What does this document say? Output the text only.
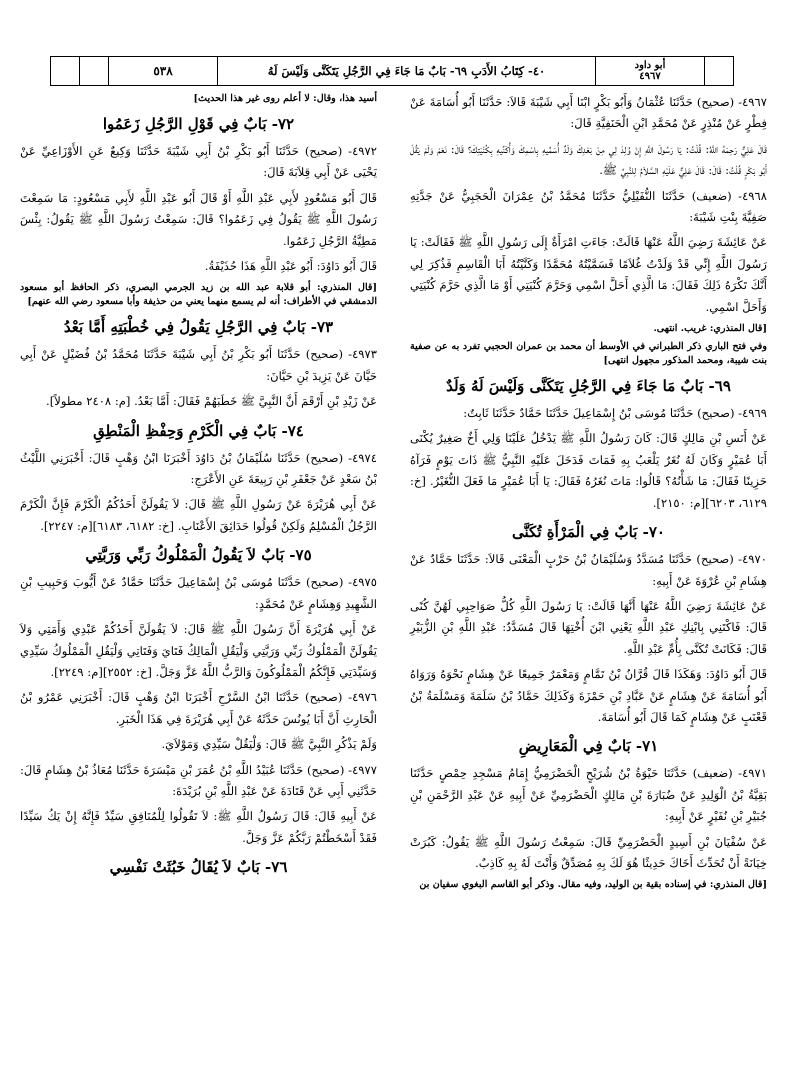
٥٣٨	٤٠- كِتَابُ الأَدَبِ ٦٩- بَابٌ مَا جَاءَ فِي الرَّجُلِ يَتَكَنَّى وَلَيْسَ لَهُ	أبو داود
٤٩٦٧

٤٩٦٧- (صحيح) حَدَّثَنَا عُثْمَانُ وَأَبُو بَكْرٍ ابْنَا أَبِي شَيْبَةَ قَالاَ: حَدَّثَنَا أَبُو أُسَامَةَ عَنْ فِطْرٍ عَنْ مُنْذِرٍ عَنْ مُحَمَّدِ ابْنِ الْحَنَفِيَّةِ قَالَ:

قَالَ عَلِيٌّ رَحِمَهُ اللَّهُ: قُلْتُ: يَا رَسُولَ اللَّهِ إِنْ وُلِدَ لِي مِنْ بَعْدِكَ وَلَدٌ أُسَمِّيهِ بِاسْمِكَ وَأُكَنِّيهِ بِكُنْيَتِكَ؟ قَالَ: نَعَمْ وَلَمْ يَقُلْ أَبُو بَكْرٍ قُلْتُ: قَالَ: قَالَ عَلِيٌّ عَلَيْهِ السَّلاَمُ لِلنَّبِيِّ ﷺ.

٤٩٦٨- (ضعيف) حَدَّثَنَا النُّفَيْلِيُّ حَدَّثَنَا مُحَمَّدُ بْنُ عِمْرَانَ الْحَجَبِيُّ عَنْ جَدَّتِهِ صَفِيَّةَ بِنْتِ شَيْبَةَ:

عَنْ عَائِشَةَ رَضِيَ اللَّهُ عَنْهَا قَالَتْ: جَاءَتِ امْرَأَةٌ إِلَى رَسُولِ اللَّهِ ﷺ فَقَالَتْ: يَا رَسُولَ اللَّهِ إِنِّي قَدْ وَلَدْتُ غُلاَمًا فَسَمَّيْتُهُ مُحَمَّدًا وَكَنَّيْتُهُ أَبَا الْقَاسِمِ فَذُكِرَ لِي أَنَّكَ تَكْرَهُ ذَلِكَ فَقَالَ: مَا الَّذِي أَحَلَّ اسْمِي وَحَرَّمَ كُنْيَتِي أَوْ مَا الَّذِي حَرَّمَ كُنْيَتِي وَأَحَلَّ اسْمِي.

[قال المنذري: غريب. انتهى.

وفي فتح الباري ذكر الطبراني في الأوسط أن محمد بن عمران الحجبي تفرد به عن صفية بنت شيبة، ومحمد المذكور مجهول انتهى]

٦٩- بَابٌ مَا جَاءَ فِي الرَّجُلِ يَتَكَنَّى وَلَيْسَ لَهُ وَلَدٌ

٤٩٦٩- (صحيح) حَدَّثَنَا مُوسَى بْنُ إِسْمَاعِيلَ حَدَّثَنَا حَمَّادٌ حَدَّثَنَا ثَابِتٌ:

عَنْ أَنَسِ بْنِ مَالِكٍ قَالَ: كَانَ رَسُولُ اللَّهِ ﷺ يَدْخُلُ عَلَيْنَا وَلِي أَخٌ صَغِيرٌ يُكْنَى أَبَا عُمَيْرٍ وَكَانَ لَهُ نُغَرٌ يَلْعَبُ بِهِ فَمَاتَ فَدَخَلَ عَلَيْهِ النَّبِيُّ ﷺ ذَاتَ يَوْمٍ فَرَآهُ حَزِينًا فَقَالَ: مَا شَأْنُهُ؟ قَالُوا: مَاتَ نُغَرُهُ فَقَالَ: يَا أَبَا عُمَيْرٍ مَا فَعَلَ النُّغَيْرُ. [خ: ٦١٢٩، ٦٢٠٣][م: ٢١٥٠].

٧٠- بَابٌ فِي الْمَرْأَةِ تُكَنَّى

٤٩٧٠- (صحيح) حَدَّثَنَا مُسَدَّدٌ وَسُلَيْمَانُ بْنُ حَرْبٍ الْمَعْنَى قَالاَ: حَدَّثَنَا حَمَّادٌ عَنْ هِشَامِ بْنِ عُرْوَةَ عَنْ أَبِيهِ:

عَنْ عَائِشَةَ رَضِيَ اللَّهُ عَنْهَا أَنَّهَا قَالَتْ: يَا رَسُولَ اللَّهِ كُلُّ صَوَاحِبِي لَهُنَّ كُنًى قَالَ: فَاكْتَنِي بِابْنِكِ عَبْدِ اللَّهِ يَعْنِي ابْنَ أُخْتِهَا قَالَ مُسَدَّدٌ: عَبْدِ اللَّهِ بْنِ الزُّبَيْرِ قَالَ: فَكَانَتْ تُكَنَّى بِأُمِّ عَبْدِ اللَّهِ.

قَالَ أَبُو دَاوُدَ: وَهَكَذَا قَالَ قُرَّانُ بْنُ تَمَّامٍ وَمَعْمَرٌ جَمِيعًا عَنْ هِشَامٍ نَحْوَهُ وَرَوَاهُ أَبُو أُسَامَةَ عَنْ هِشَامٍ عَنْ عَبَّادِ بْنِ حَمْزَةَ وَكَذَلِكَ حَمَّادُ بْنُ سَلَمَةَ وَمَسْلَمَةُ بْنُ قَعْنَبٍ عَنْ هِشَامٍ كَمَا قَالَ أَبُو أُسَامَةَ.

٧١- بَابٌ فِي الْمَعَارِيضِ

٤٩٧١- (ضعيف) حَدَّثَنَا حَيْوَةُ بْنُ شُرَيْحٍ الْحَضْرَمِيُّ إِمَامُ مَسْجِدِ حِمْصٍ حَدَّثَنَا بَقِيَّةُ بْنُ الْوَلِيدِ عَنْ ضُبَارَةَ بْنِ مَالِكٍ الْحَضْرَمِيِّ عَنْ أَبِيهِ عَنْ عَبْدِ الرَّحْمَنِ بْنِ جُبَيْرِ بْنِ نُفَيْرٍ عَنْ أَبِيهِ:

عَنْ سُفْيَانَ بْنِ أَسِيدٍ الْحَضْرَمِيِّ قَالَ: سَمِعْتُ رَسُولَ اللَّهِ ﷺ يَقُولُ: كَبُرَتْ خِيَانَةً أَنْ تُحَدِّثَ أَخَاكَ حَدِيثًا هُوَ لَكَ بِهِ مُصَدِّقٌ وَأَنْتَ لَهُ بِهِ كَاذِبٌ.

[قال المنذري: في إسناده بقية بن الوليد، وفيه مقال. وذكر أبو القاسم البغوي سفيان بن

أسيد هذا، وقال: لا أعلم روى غير هذا الحديث]

٧٢- بَابٌ فِي قَوْلِ الرَّجُلِ زَعَمُوا

٤٩٧٢- (صحيح) حَدَّثَنَا أَبُو بَكْرِ بْنُ أَبِي شَيْبَةَ حَدَّثَنَا وَكِيعٌ عَنِ الأَوْزَاعِيِّ عَنْ يَحْيَى عَنْ أَبِي قِلاَبَةَ قَالَ:

قَالَ أَبُو مَسْعُودٍ لأَبِي عَبْدِ اللَّهِ أَوْ قَالَ أَبُو عَبْدِ اللَّهِ لأَبِي مَسْعُودٍ: مَا سَمِعْتَ رَسُولَ اللَّهِ ﷺ يَقُولُ فِي زَعَمُوا؟ قَالَ: سَمِعْتُ رَسُولَ اللَّهِ ﷺ يَقُولُ: بِئْسَ مَطِيَّةُ الرَّجُلِ زَعَمُوا.

قَالَ أَبُو دَاوُدَ: أَبُو عَبْدِ اللَّهِ هَذَا حُذَيْفَةُ.

[قال المنذري: أبو قلابة عبد الله بن زيد الجرمي البصري، ذكر الحافظ أبو مسعود الدمشقي في الأطراف: أنه لم يسمع منهما يعني من حذيفة وأبا مسعود رضي الله عنهم]

٧٣- بَابٌ فِي الرَّجُلِ يَقُولُ فِي خُطْبَتِهِ أَمَّا بَعْدُ

٤٩٧٣- (صحيح) حَدَّثَنَا أَبُو بَكْرِ بْنُ أَبِي شَيْبَةَ حَدَّثَنَا مُحَمَّدُ بْنُ فُضَيْلٍ عَنْ أَبِي حَيَّانَ عَنْ يَزِيدَ بْنِ حَيَّانَ:

عَنْ زَيْدِ بْنِ أَرْقَمَ أَنَّ النَّبِيَّ ﷺ خَطَبَهُمْ فَقَالَ: أَمَّا بَعْدُ. [م: ٢٤٠٨ مطولاً].

٧٤- بَابٌ فِي الْكَرْمِ وَحِفْظِ الْمَنْطِقِ

٤٩٧٤- (صحيح) حَدَّثَنَا سُلَيْمَانُ بْنُ دَاوُدَ أَخْبَرَنَا ابْنُ وَهْبٍ قَالَ: أَخْبَرَنِي اللَّيْثُ بْنُ سَعْدٍ عَنْ جَعْفَرِ بْنِ رَبِيعَةَ عَنِ الأَعْرَجِ:

عَنْ أَبِي هُرَيْرَةَ عَنْ رَسُولِ اللَّهِ ﷺ قَالَ: لاَ يَقُولَنَّ أَحَدُكُمُ الْكَرْمَ فَإِنَّ الْكَرْمَ الرَّجُلُ الْمُسْلِمُ وَلَكِنْ قُولُوا حَدَائِقَ الأَعْنَابِ. [خ: ٦١٨٢، ٦١٨٣][م: ٢٢٤٧].

٧٥- بَابٌ لاَ يَقُولُ الْمَمْلُوكُ رَبِّي وَرَبَّتِي

٤٩٧٥- (صحيح) حَدَّثَنَا مُوسَى بْنُ إِسْمَاعِيلَ حَدَّثَنَا حَمَّادٌ عَنْ أَيُّوبَ وَحَبِيبِ بْنِ الشَّهِيدِ وَهِشَامٍ عَنْ مُحَمَّدٍ:

عَنْ أَبِي هُرَيْرَةَ أَنَّ رَسُولَ اللَّهِ ﷺ قَالَ: لاَ يَقُولَنَّ أَحَدُكُمْ عَبْدِي وَأَمَتِي وَلاَ يَقُولَنَّ الْمَمْلُوكُ رَبِّي وَرَبَّتِي وَلْيَقُلِ الْمَالِكُ فَتَايَ وَفَتَاتِي وَلْيَقُلِ الْمَمْلُوكُ سَيِّدِي وَسَيِّدَتِي فَإِنَّكُمُ الْمَمْلُوكُونَ وَالرَّبُّ اللَّهُ عَزَّ وَجَلَّ. [خ: ٢٥٥٢][م: ٢٢٤٩].

٤٩٧٦- (صحيح) حَدَّثَنَا ابْنُ السَّرْحِ أَخْبَرَنَا ابْنُ وَهْبٍ قَالَ: أَخْبَرَنِي عَمْرُو بْنُ الْحَارِثِ أَنَّ أَبَا يُونُسَ حَدَّثَهُ عَنْ أَبِي هُرَيْرَةَ فِي هَذَا الْخَبَرِ.

وَلَمْ يَذْكُرِ النَّبِيَّ ﷺ قَالَ: وَلْيَقُلْ سَيِّدِي وَمَوْلاَيَ.

٤٩٧٧- (صحيح) حَدَّثَنَا عُبَيْدُ اللَّهِ بْنُ عُمَرَ بْنِ مَيْسَرَةَ حَدَّثَنَا مُعَاذُ بْنُ هِشَامٍ قَالَ: حَدَّثَنِي أَبِي عَنْ قَتَادَةَ عَنْ عَبْدِ اللَّهِ بْنِ بُرَيْدَةَ:

عَنْ أَبِيهِ قَالَ: قَالَ رَسُولُ اللَّهِ ﷺ: لاَ تَقُولُوا لِلْمُنَافِقِ سَيِّدٌ فَإِنَّهُ إِنْ يَكُ سَيِّدًا فَقَدْ أَسْخَطْتُمْ رَبَّكُمْ عَزَّ وَجَلَّ.

٧٦- بَابٌ لاَ يُقَالُ خَبُثَتْ نَفْسِي
